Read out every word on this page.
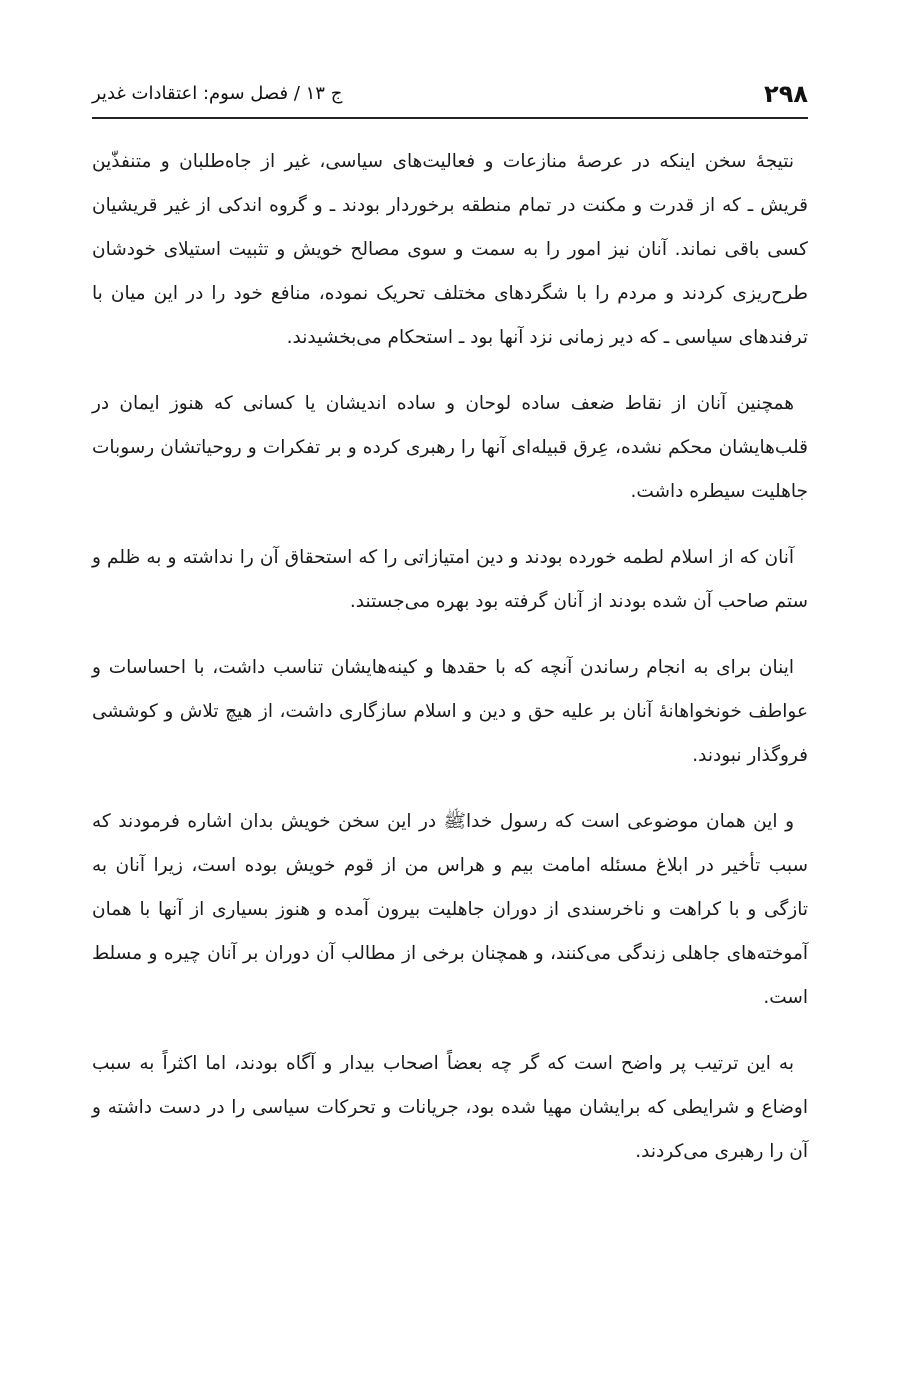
۲۹۸
ج ۱۳ / فصل سوم: اعتقادات غدیر

نتیجهٔ سخن اینکه در عرصهٔ منازعات و فعالیت‌های سیاسی، غیر از جاه‌طلبان و متنفذّین قریش ـ که از قدرت و مکنت در تمام منطقه برخوردار بودند ـ و گروه اندکی از غیر قریشیان کسی باقی نماند. آنان نیز امور را به سمت و سوی مصالح خویش و تثبیت استیلای خودشان طرح‌ریزی کردند و مردم را با شگردهای مختلف تحریک نموده، منافع خود را در این میان با ترفندهای سیاسی ـ که دیر زمانی نزد آنها بود ـ استحکام می‌بخشیدند.

همچنین آنان از نقاط ضعف ساده لوحان و ساده اندیشان یا کسانی که هنوز ایمان در قلب‌هایشان محکم نشده، عِرق قبیله‌ای آنها را رهبری کرده و بر تفکرات و روحیاتشان رسوبات جاهلیت سیطره داشت.

آنان که از اسلام لطمه خورده بودند و دین امتیازاتی را که استحقاق آن را نداشته و به ظلم و ستم صاحب آن شده بودند از آنان گرفته بود بهره می‌جستند.

اینان برای به انجام رساندن آنچه که با حقدها و کینه‌هایشان تناسب داشت، با احساسات و عواطف خونخواهانهٔ آنان بر علیه حق و دین و اسلام سازگاری داشت، از هیچ تلاش و کوششی فروگذار نبودند.

و این همان موضوعی است که رسول خداﷺ در این سخن خویش بدان اشاره فرمودند که سبب تأخیر در ابلاغ مسئله امامت بیم و هراس من از قوم خویش بوده است، زیرا آنان به تازگی و با کراهت و ناخرسندی از دوران جاهلیت بیرون آمده و هنوز بسیاری از آنها با همان آموخته‌های جاهلی زندگی می‌کنند، و همچنان برخی از مطالب آن دوران بر آنان چیره و مسلط است.

به این ترتیب پر واضح است که گر چه بعضاً اصحاب بیدار و آگاه بودند، اما اکثراً به سبب اوضاع و شرایطی که برایشان مهیا شده بود، جریانات و تحرکات سیاسی را در دست داشته و آن را رهبری می‌کردند.
